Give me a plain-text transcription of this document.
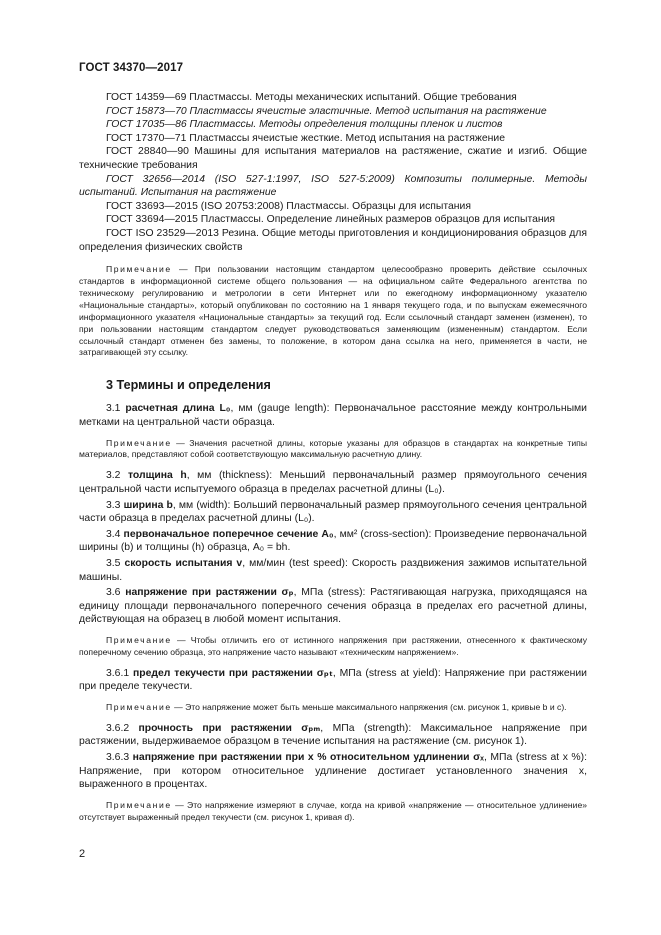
ГОСТ 34370—2017

ГОСТ 14359—69 Пластмассы. Методы механических испытаний. Общие требования

ГОСТ 15873—70 Пластмассы ячеистые эластичные. Метод испытания на растяжение

ГОСТ 17035—86 Пластмассы. Методы определения толщины пленок и листов

ГОСТ 17370—71 Пластмассы ячеистые жесткие. Метод испытания на растяжение

ГОСТ 28840—90 Машины для испытания материалов на растяжение, сжатие и изгиб. Общие технические требования

ГОСТ 32656—2014 (ISO 527-1:1997, ISO 527-5:2009) Композиты полимерные. Методы испытаний. Испытания на растяжение

ГОСТ 33693—2015 (ISO 20753:2008) Пластмассы. Образцы для испытания

ГОСТ 33694—2015 Пластмассы. Определение линейных размеров образцов для испытания

ГОСТ ISO 23529—2013 Резина. Общие методы приготовления и кондиционирования образцов для определения физических свойств

Примечание — При пользовании настоящим стандартом целесообразно проверить действие ссылочных стандартов в информационной системе общего пользования — на официальном сайте Федерального агентства по техническому регулированию и метрологии в сети Интернет или по ежегодному информационному указателю «Национальные стандарты», который опубликован по состоянию на 1 января текущего года, и по выпускам ежемесячного информационного указателя «Национальные стандарты» за текущий год. Если ссылочный стандарт заменен (изменен), то при пользовании настоящим стандартом следует руководствоваться заменяющим (измененным) стандартом. Если ссылочный стандарт отменен без замены, то положение, в котором дана ссылка на него, применяется в части, не затрагивающей эту ссылку.

3 Термины и определения

3.1 расчетная длина L₀, мм (gauge length): Первоначальное расстояние между контрольными метками на центральной части образца.

Примечание — Значения расчетной длины, которые указаны для образцов в стандартах на конкретные типы материалов, представляют собой соответствующую максимальную расчетную длину.

3.2 толщина h, мм (thickness): Меньший первоначальный размер прямоугольного сечения центральной части испытуемого образца в пределах расчетной длины (L₀).

3.3 ширина b, мм (width): Больший первоначальный размер прямоугольного сечения центральной части образца в пределах расчетной длины (L₀).

3.4 первоначальное поперечное сечение A₀, мм² (cross-section): Произведение первоначальной ширины (b) и толщины (h) образца, A₀ = bh.

3.5 скорость испытания v, мм/мин (test speed): Скорость раздвижения зажимов испытательной машины.

3.6 напряжение при растяжении σₚ, МПа (stress): Растягивающая нагрузка, приходящаяся на единицу площади первоначального поперечного сечения образца в пределах его расчетной длины, действующая на образец в любой момент испытания.

Примечание — Чтобы отличить его от истинного напряжения при растяжении, отнесенного к фактическому поперечному сечению образца, это напряжение часто называют «техническим напряжением».

3.6.1 предел текучести при растяжении σₚₜ, МПа (stress at yield): Напряжение при растяжении при пределе текучести.

Примечание — Это напряжение может быть меньше максимального напряжения (см. рисунок 1, кривые b и c).

3.6.2 прочность при растяжении σₚₘ, МПа (strength): Максимальное напряжение при растяжении, выдерживаемое образцом в течение испытания на растяжение (см. рисунок 1).

3.6.3 напряжение при растяжении при x % относительном удлинении σₓ, МПа (stress at x %): Напряжение, при котором относительное удлинение достигает установленного значения x, выраженного в процентах.

Примечание — Это напряжение измеряют в случае, когда на кривой «напряжение — относительное удлинение» отсутствует выраженный предел текучести (см. рисунок 1, кривая d).

2
